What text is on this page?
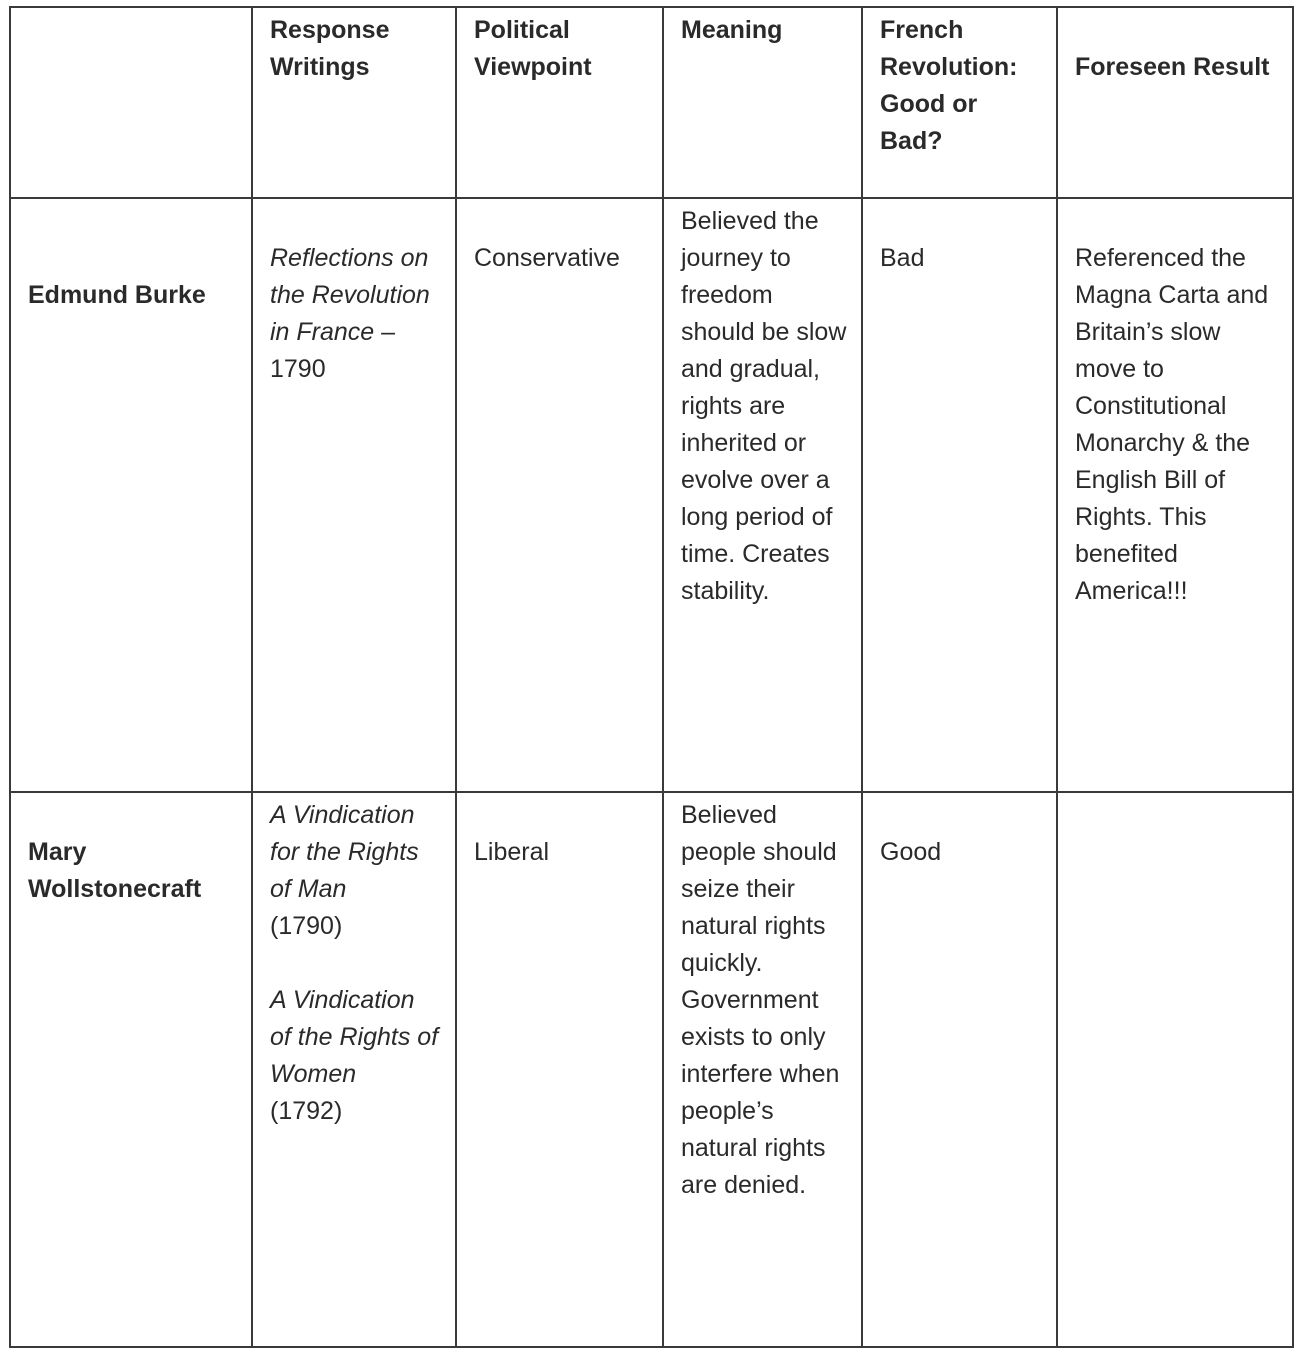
	Response Writings	Political Viewpoint	Meaning	French Revolution: Good or Bad?	Foreseen Result
Edmund Burke	Reflections on the Revolution in France – 1790	Conservative	Believed the journey to freedom should be slow and gradual, rights are inherited or evolve over a long period of time. Creates stability.	Bad	Referenced the Magna Carta and Britain’s slow move to Constitutional Monarchy & the English Bill of Rights. This benefited America!!!
Mary Wollstonecraft	A Vindication for the Rights of Man
(1790)
A Vindication of the Rights of Women
(1792)	Liberal	Believed people should seize their natural rights quickly. Government exists to only interfere when people’s natural rights are denied.	Good	
